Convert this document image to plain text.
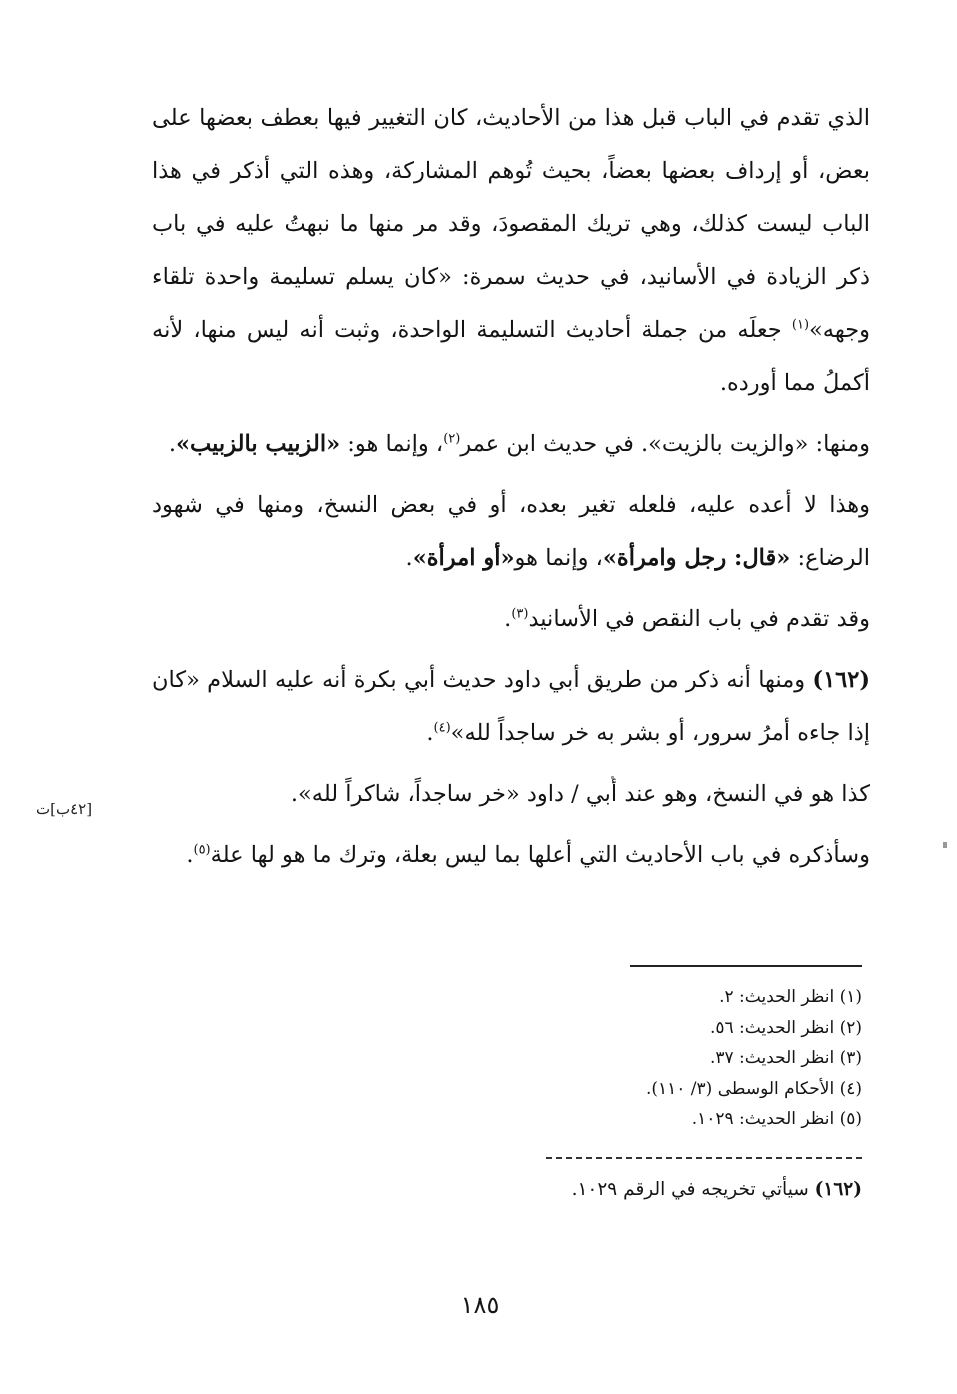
الذي تقدم في الباب قبل هذا من الأحاديث، كان التغيير فيها بعطف بعضها على بعض، أو إرداف بعضها بعضاً، بحيث تُوهم المشاركة، وهذه التي أذكر في هذا الباب ليست كذلك، وهي تريك المقصودَ، وقد مر منها ما نبهتُ عليه في باب ذكر الزيادة في الأسانيد، في حديث سمرة: «كان يسلم تسليمة واحدة تلقاء وجهه»$^{(١)}$ جعلَه من جملة أحاديث التسليمة الواحدة، وثبت أنه ليس منها، لأنه أكملُ مما أورده.

ومنها: «والزيت بالزيت». في حديث ابن عمر$^{(٢)}$، وإنما هو: «الزبيب بالزبيب».

وهذا لا أعده عليه، فلعله تغير بعده، أو في بعض النسخ، ومنها في شهود الرضاع: «قال: رجل وامرأة»، وإنما هو«أو امرأة».

وقد تقدم في باب النقص في الأسانيد$^{(٣)}$.

(١٦٢) ومنها أنه ذكر من طريق أبي داود حديث أبي بكرة أنه عليه السلام «كان إذا جاءه أمرُ سرور، أو بشر به خر ساجداً لله»$^{(٤)}$.

كذا هو في النسخ، وهو عند أبي / داود «خر ساجداً، شاكراً لله».

وسأذكره في باب الأحاديث التي أعلها بما ليس بعلة، وترك ما هو لها علة$^{(٥)}$.

[٤٢ب]ت
(١) انظر الحديث: ٢.
(٢) انظر الحديث: ٥٦.
(٣) انظر الحديث: ٣٧.
(٤) الأحكام الوسطى (٣/ ١١٠).
(٥) انظر الحديث: ١٠٢٩.
(١٦٢) سيأتي تخريجه في الرقم ١٠٢٩.
١٨٥
